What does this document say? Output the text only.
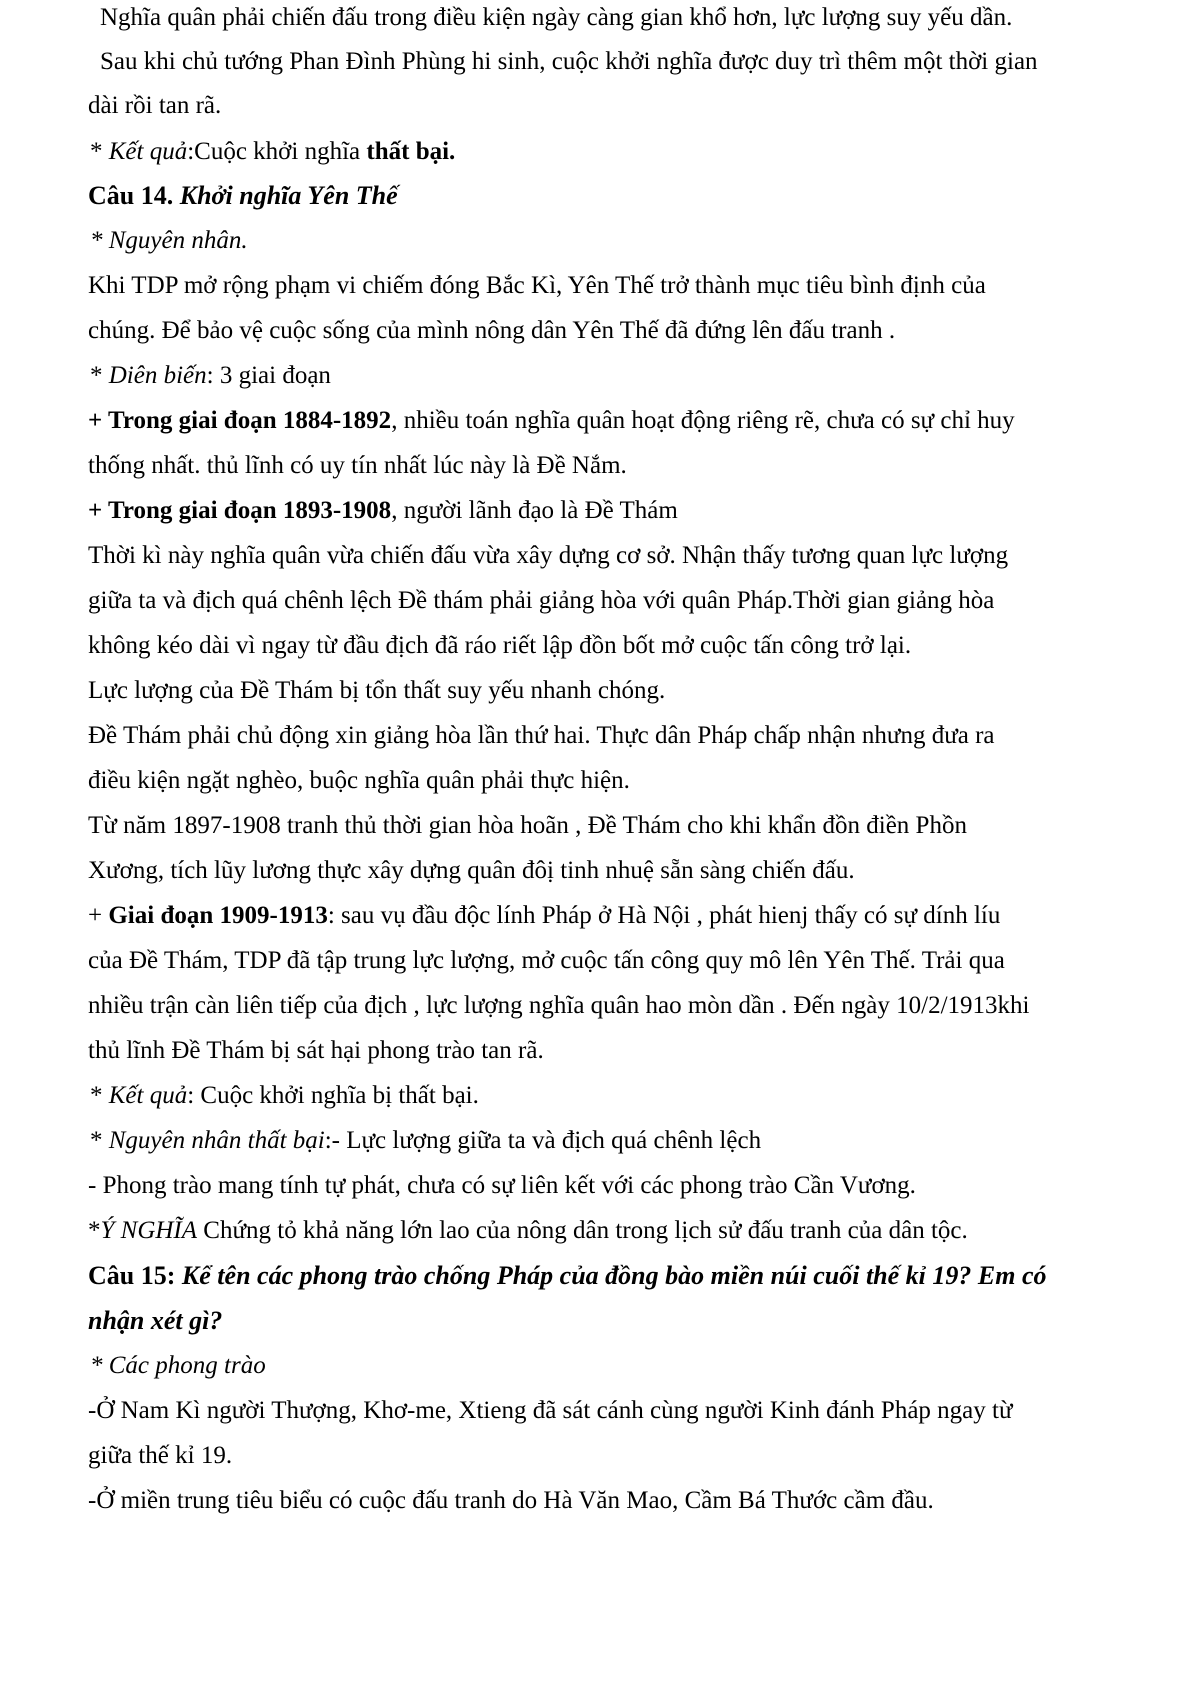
Nghĩa quân phải chiến đấu trong điều kiện ngày càng gian khổ hơn, lực lượng suy yếu dần.
Sau khi chủ tướng Phan Đình Phùng hi sinh, cuộc khởi nghĩa được duy trì thêm một thời gian
dài rồi tan rã.
* Kết quả:Cuộc khởi nghĩa thất bại.
Câu 14. Khởi nghĩa Yên Thế
* Nguyên nhân.
Khi TDP mở rộng phạm vi chiếm đóng Bắc Kì, Yên Thế trở thành mục tiêu bình định của
chúng. Để bảo vệ cuộc sống của mình nông dân Yên Thế đã đứng lên đấu tranh .
* Diên biến: 3 giai đoạn
+ Trong giai đoạn 1884-1892, nhiều toán nghĩa quân hoạt động riêng rẽ, chưa có sự chỉ huy
thống nhất. thủ lĩnh có uy tín nhất lúc này là Đề Nắm.
+ Trong giai đoạn 1893-1908, người lãnh đạo là Đề Thám
Thời kì này nghĩa quân vừa chiến đấu vừa xây dựng cơ sở. Nhận thấy tương quan lực lượng
giữa ta và địch quá chênh lệch Đề thám phải giảng hòa với quân Pháp.Thời gian giảng hòa
không kéo dài vì ngay từ đầu địch đã ráo riết lập đồn bốt mở cuộc tấn công trở lại.
Lực lượng của Đề Thám bị tổn thất suy yếu nhanh chóng.
Đề Thám phải chủ động xin giảng hòa lần thứ hai. Thực dân Pháp chấp nhận nhưng đưa ra
điều kiện ngặt nghèo, buộc nghĩa quân phải thực hiện.
Từ năm 1897-1908 tranh thủ thời gian hòa hoãn , Đề Thám cho khi khẩn đồn điền Phồn
Xương, tích lũy lương thực xây dựng quân đôị tinh nhuệ sẵn sàng chiến đấu.
+ Giai đoạn 1909-1913: sau vụ đầu độc lính Pháp ở Hà Nội , phát hienj thấy có sự dính líu
của Đề Thám, TDP đã tập trung lực lượng, mở cuộc tấn công quy mô lên Yên Thế. Trải qua
nhiều trận càn liên tiếp của địch , lực lượng nghĩa quân hao mòn dần . Đến ngày 10/2/1913khi
thủ lĩnh Đề Thám bị sát hại phong trào tan rã.
* Kết quả: Cuộc khởi nghĩa bị thất bại.
* Nguyên nhân thất bại:- Lực lượng giữa ta và địch quá chênh lệch
- Phong trào mang tính tự phát, chưa có sự liên kết với các phong trào Cần Vương.
*Ý NGHĨA Chứng tỏ khả năng lớn lao của nông dân trong lịch sử đấu tranh của dân tộc.
Câu 15: Kể tên các phong trào chống Pháp của đồng bào miền núi cuối thế kỉ 19? Em có
nhận xét gì?
* Các phong trào
-Ở Nam Kì người Thượng, Khơ-me, Xtieng đã sát cánh cùng người Kinh đánh Pháp ngay từ
giữa thế kỉ 19.
-Ở miền trung tiêu biểu có cuộc đấu tranh do Hà Văn Mao, Cầm Bá Thước cầm đầu.
